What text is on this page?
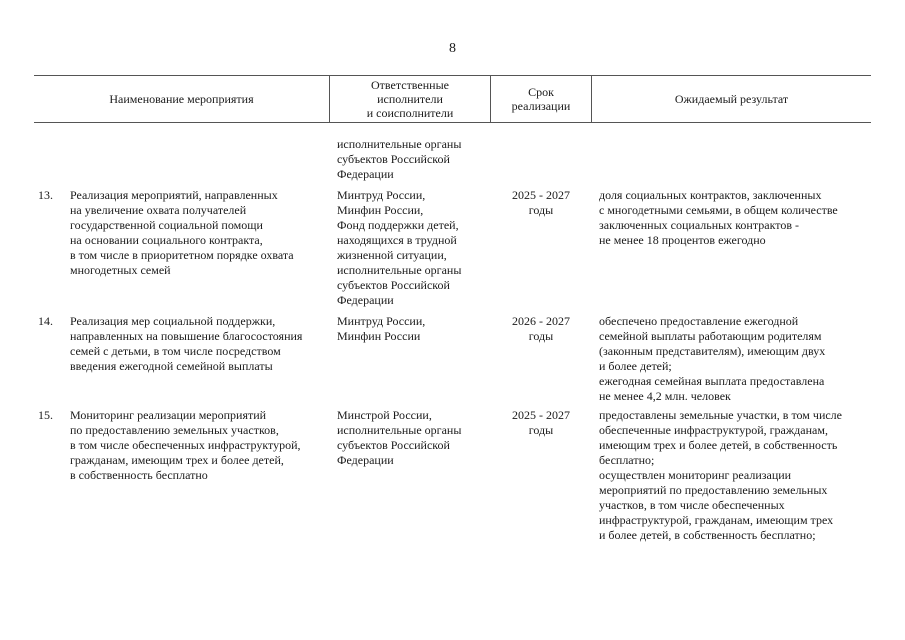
8
Наименование мероприятия
Ответственные
исполнители
и соисполнители
Срок
реализации	Ожидаемый результат
исполнительные органы
субъектов Российской
Федерации
13. Реализация мероприятий, направленных
на увеличение охвата получателей
государственной социальной помощи
на основании социального контракта,
в том числе в приоритетном порядке охвата
многодетных семей
Минтруд России,
Минфин России,
Фонд поддержки детей,
находящихся в трудной
жизненной ситуации,
исполнительные органы
субъектов Российской
Федерации
2025 - 2027
годы
доля социальных контрактов, заключенных
с многодетными семьями, в общем количестве
заключенных социальных контрактов -
не менее 18 процентов ежегодно
14. Реализация мер социальной поддержки,
направленных на повышение благосостояния
семей с детьми, в том числе посредством
введения ежегодной семейной выплаты
Минтруд России,
Минфин России
2026 - 2027
годы
обеспечено предоставление ежегодной
семейной выплаты работающим родителям
(законным представителям), имеющим двух
и более детей;
ежегодная семейная выплата предоставлена
не менее 4,2 млн. человек
15. Мониторинг реализации мероприятий
по предоставлению земельных участков,
в том числе обеспеченных инфраструктурой,
гражданам, имеющим трех и более детей,
в собственность бесплатно
Минстрой России,
исполнительные органы
субъектов Российской
Федерации
2025 - 2027
годы
предоставлены земельные участки, в том числе
обеспеченные инфраструктурой, гражданам,
имеющим трех и более детей, в собственность
бесплатно;
осуществлен мониторинг реализации
мероприятий по предоставлению земельных
участков, в том числе обеспеченных
инфраструктурой, гражданам, имеющим трех
и более детей, в собственность бесплатно;
